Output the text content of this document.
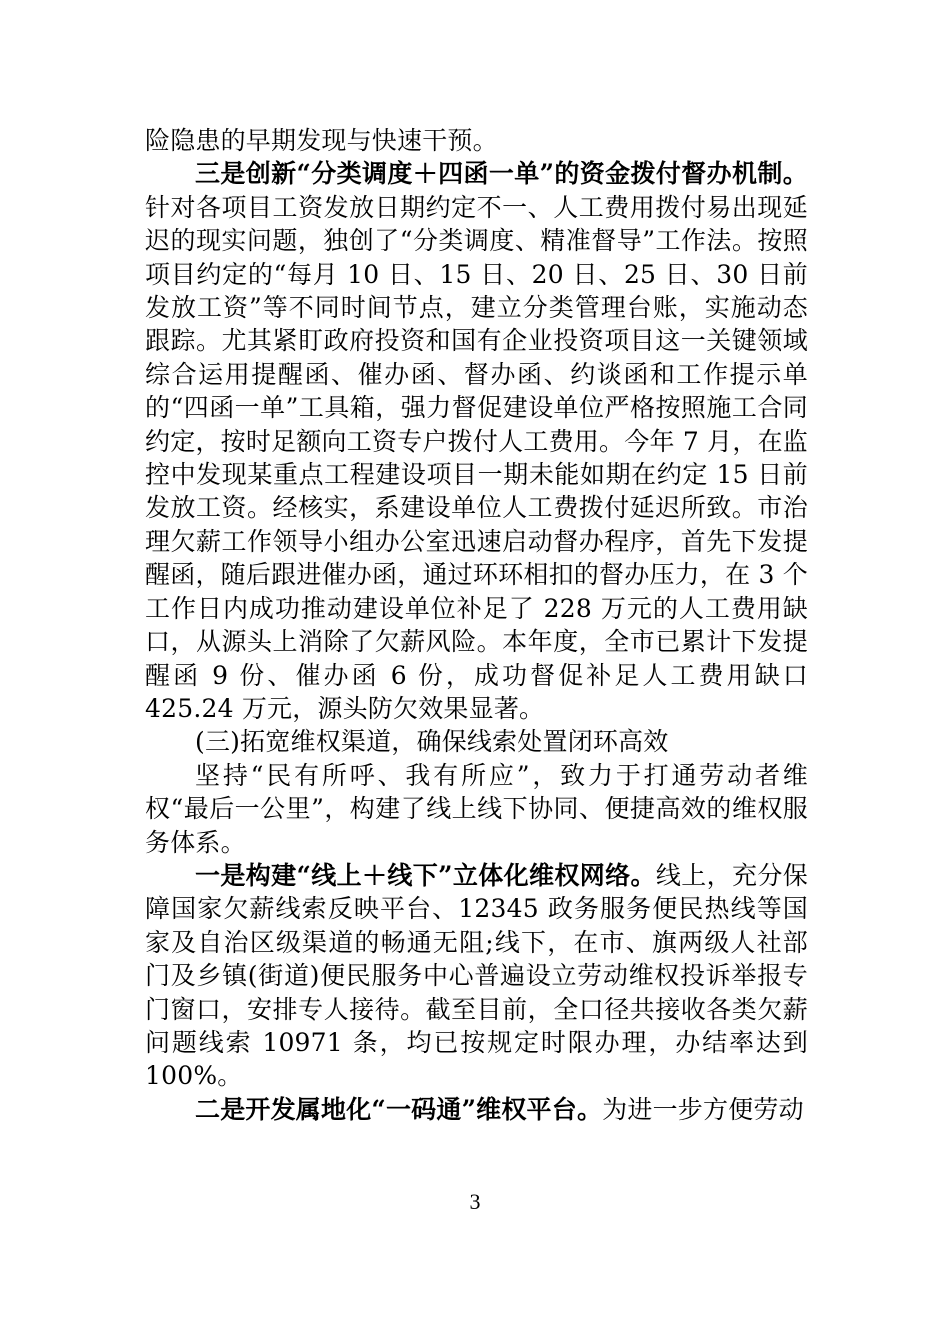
险隐患的早期发现与快速干预。

三是创新“分类调度＋四函一单”的资金拨付督办机制。针对各项目工资发放日期约定不一、人工费用拨付易出现延迟的现实问题，独创了“分类调度、精准督导”工作法。按照项目约定的“每月 10 日、15 日、20 日、25 日、30 日前发放工资”等不同时间节点，建立分类管理台账，实施动态跟踪。尤其紧盯政府投资和国有企业投资项目这一关键领域综合运用提醒函、催办函、督办函、约谈函和工作提示单的“四函一单”工具箱，强力督促建设单位严格按照施工合同约定，按时足额向工资专户拨付人工费用。今年 7 月，在监控中发现某重点工程建设项目一期未能如期在约定 15 日前发放工资。经核实，系建设单位人工费拨付延迟所致。市治理欠薪工作领导小组办公室迅速启动督办程序，首先下发提醒函，随后跟进催办函，通过环环相扣的督办压力，在 3 个工作日内成功推动建设单位补足了 228 万元的人工费用缺口，从源头上消除了欠薪风险。本年度，全市已累计下发提醒函 9 份、催办函 6 份，成功督促补足人工费用缺口 425.24 万元，源头防欠效果显著。

(三)拓宽维权渠道，确保线索处置闭环高效

坚持“民有所呼、我有所应”，致力于打通劳动者维权“最后一公里”，构建了线上线下协同、便捷高效的维权服务体系。

一是构建“线上＋线下”立体化维权网络。线上，充分保障国家欠薪线索反映平台、12345 政务服务便民热线等国家及自治区级渠道的畅通无阻;线下，在市、旗两级人社部门及乡镇(街道)便民服务中心普遍设立劳动维权投诉举报专门窗口，安排专人接待。截至目前，全口径共接收各类欠薪问题线索 10971 条，均已按规定时限办理，办结率达到 100%。

二是开发属地化“一码通”维权平台。为进一步方便劳动

3
